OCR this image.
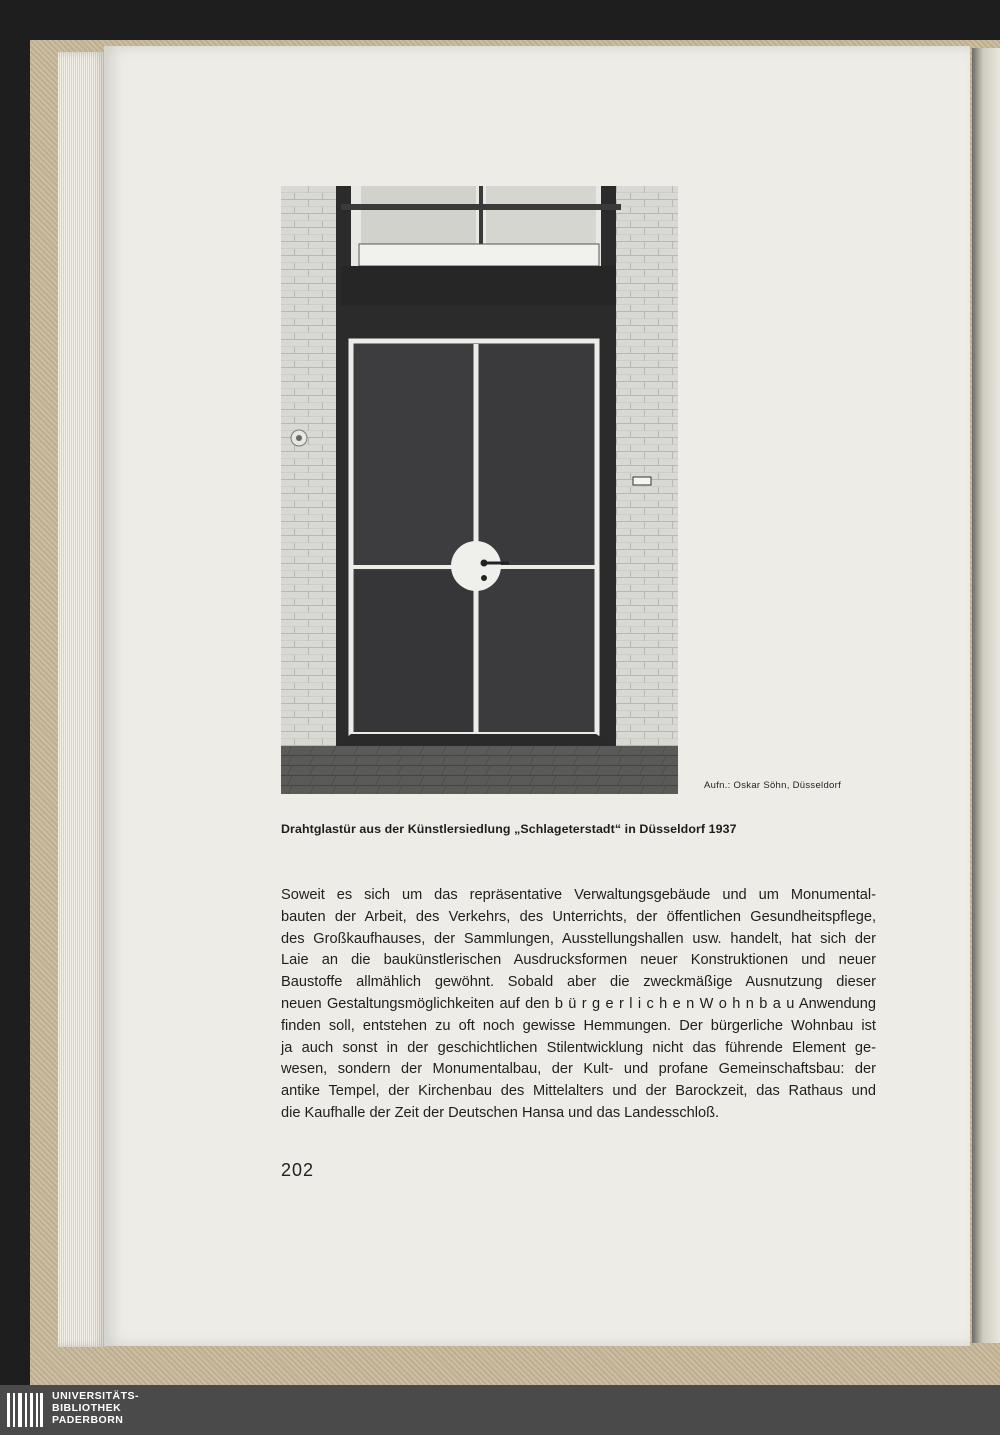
Aufn.: Oskar Söhn, Düsseldorf
Drahtglastür aus der Künstlersiedlung „Schlageterstadt“ in Düsseldorf 1937
Soweit es sich um das repräsentative Verwaltungsgebäude und um Monumental-
bauten der Arbeit, des Verkehrs, des Unterrichts, der öffentlichen Gesundheitspflege,
des Großkaufhauses, der Sammlungen, Ausstellungshallen usw. handelt, hat sich der
Laie an die baukünstlerischen Ausdrucksformen neuer Konstruktionen und neuer
Baustoffe allmählich gewöhnt. Sobald aber die zweckmäßige Ausnutzung dieser
neuen Gestaltungsmöglichkeiten auf den b ü r g e r l i c h e n W o h n b a u Anwendung
finden soll, entstehen zu oft noch gewisse Hemmungen. Der bürgerliche Wohnbau ist
ja auch sonst in der geschichtlichen Stilentwicklung nicht das führende Element ge-
wesen, sondern der Monumentalbau, der Kult- und profane Gemeinschaftsbau: der
antike Tempel, der Kirchenbau des Mittelalters und der Barockzeit, das Rathaus und
die Kaufhalle der Zeit der Deutschen Hansa und das Landesschloß.
202
UNIVERSITÄTS-
BIBLIOTHEK
PADERBORN
